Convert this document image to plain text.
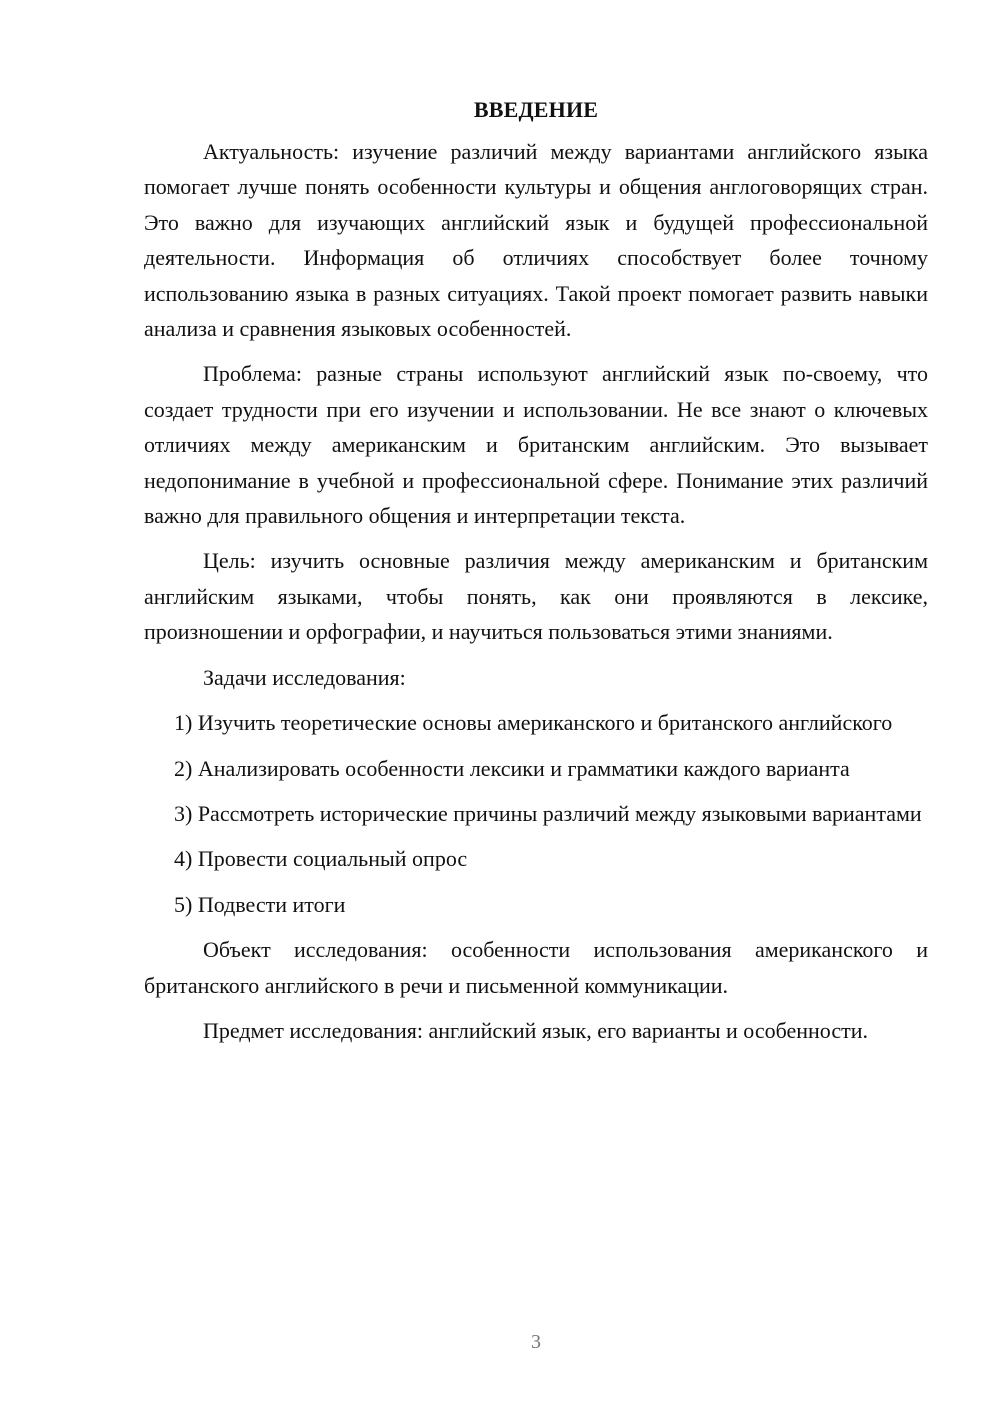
ВВЕДЕНИЕ

Актуальность: изучение различий между вариантами английского языка помогает лучше понять особенности культуры и общения англоговорящих стран. Это важно для изучающих английский язык и будущей профессиональной деятельности. Информация об отличиях способствует более точному использованию языка в разных ситуациях. Такой проект помогает развить навыки анализа и сравнения языковых особенностей.

Проблема: разные страны используют английский язык по-своему, что создает трудности при его изучении и использовании. Не все знают о ключевых отличиях между американским и британским английским. Это вызывает недопонимание в учебной и профессиональной сфере. Понимание этих различий важно для правильного общения и интерпретации текста.

Цель: изучить основные различия между американским и британским английским языками, чтобы понять, как они проявляются в лексике, произношении и орфографии, и научиться пользоваться этими знаниями.

Задачи исследования:

1) Изучить теоретические основы американского и британского английского

2) Анализировать особенности лексики и грамматики каждого варианта

3) Рассмотреть исторические причины различий между языковыми вариантами

4) Провести социальный опрос

5) Подвести итоги

Объект исследования: особенности использования американского и британского английского в речи и письменной коммуникации.

Предмет исследования: английский язык, его варианты и особенности.

3
